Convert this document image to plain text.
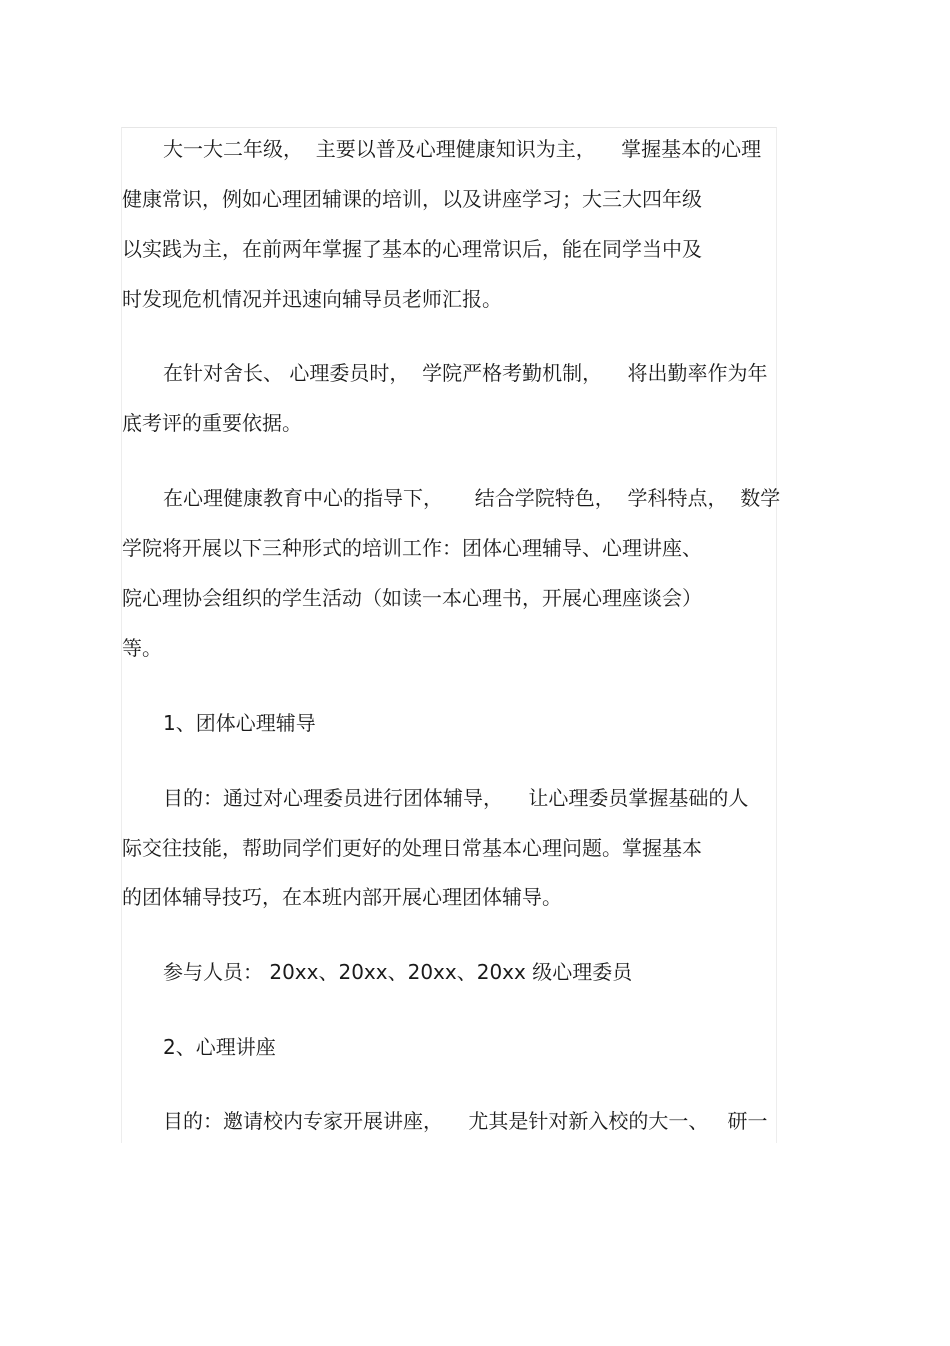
大一大二年级，  主要以普及心理健康知识为主，    掌握基本的心理
健康常识，例如心理团辅课的培训，以及讲座学习；大三大四年级
以实践为主，在前两年掌握了基本的心理常识后，能在同学当中及
时发现危机情况并迅速向辅导员老师汇报。
在针对舍长、 心理委员时，  学院严格考勤机制，    将出勤率作为年
底考评的重要依据。
在心理健康教育中心的指导下，     结合学院特色，  学科特点，  数学
学院将开展以下三种形式的培训工作：团体心理辅导、心理讲座、
院心理协会组织的学生活动（如读一本心理书，开展心理座谈会）
等。
1、团体心理辅导
目的：通过对心理委员进行团体辅导，    让心理委员掌握基础的人
际交往技能，帮助同学们更好的处理日常基本心理问题。掌握基本
的团体辅导技巧，在本班内部开展心理团体辅导。
参与人员： 20xx、20xx、20xx、20xx 级心理委员
2、心理讲座
目的：邀请校内专家开展讲座，    尤其是针对新入校的大一、   研一
